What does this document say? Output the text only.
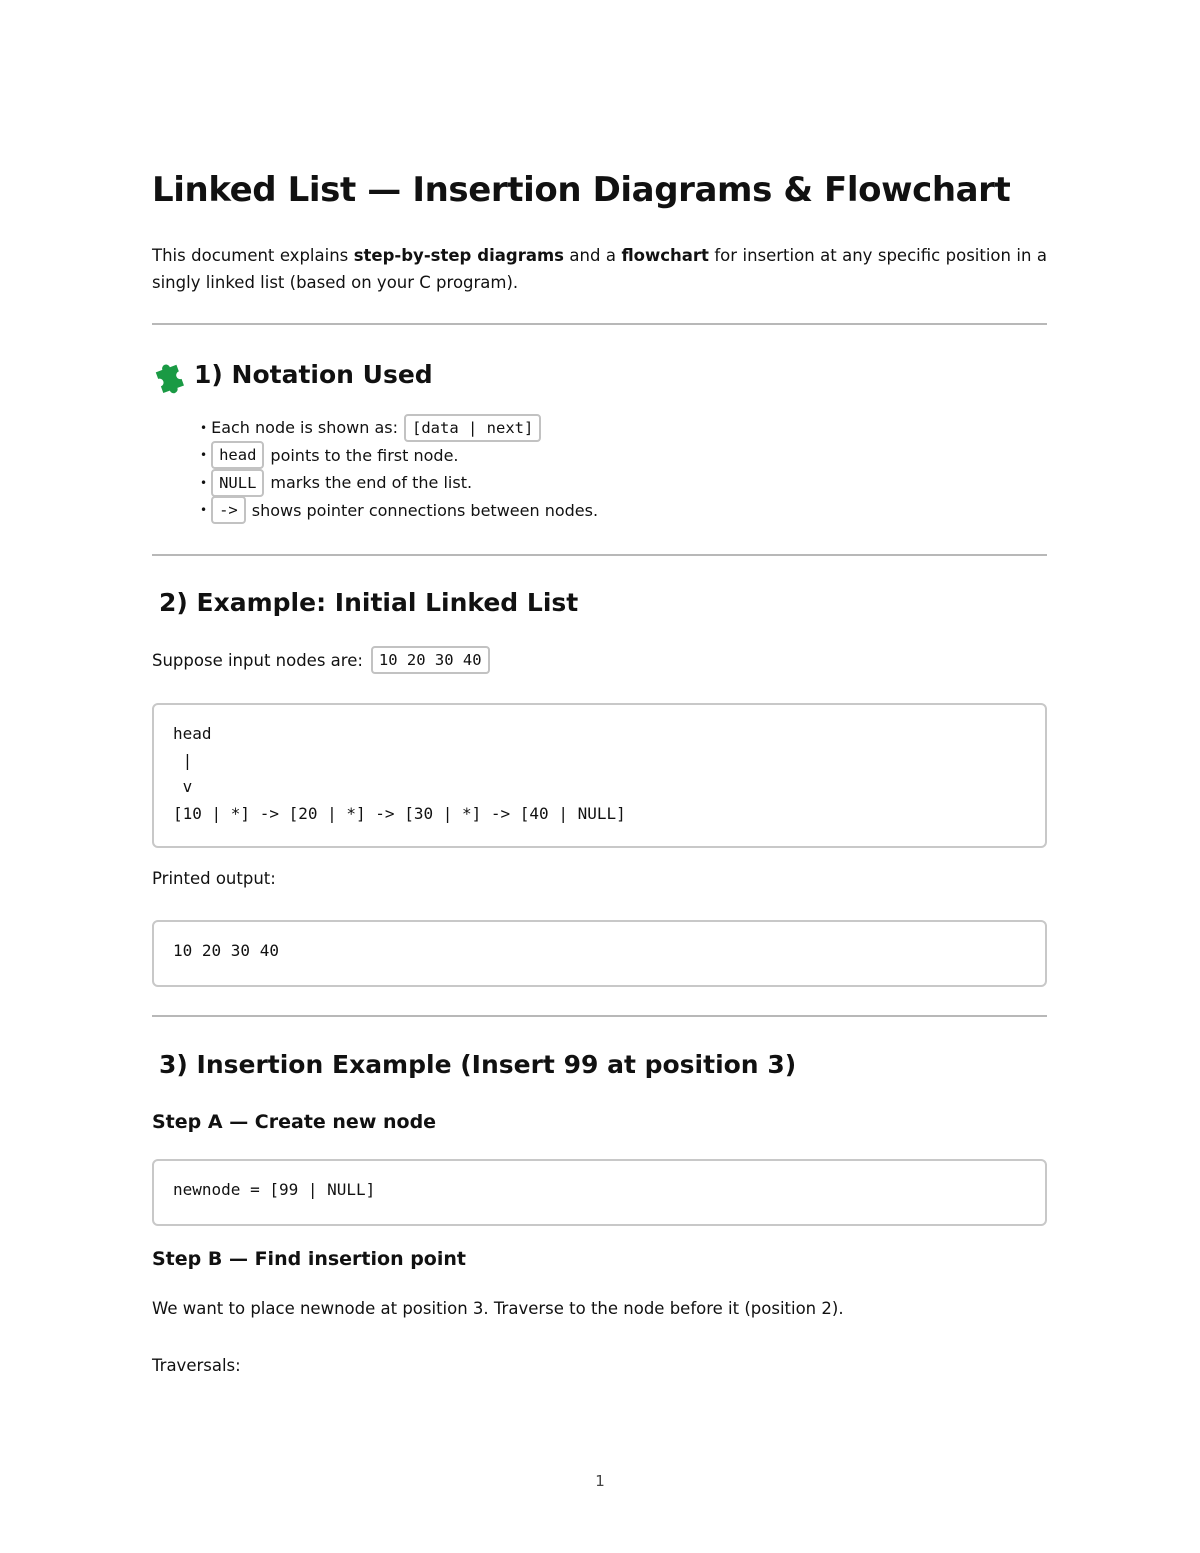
Linked List — Insertion Diagrams & Flowchart

This document explains step-by-step diagrams and a flowchart for insertion at any specific position in a singly linked list (based on your C program).

1) Notation Used
• Each node is shown as: [data | next]
• head points to the first node.
• NULL marks the end of the list.
• -> shows pointer connections between nodes.
2) Example: Initial Linked List
Suppose input nodes are:	10 20 30 40
head
|
v
[10 | *] -> [20 | *] -> [30 | *] -> [40 | NULL]
Printed output:
10 20 30 40
3) Insertion Example (Insert 99 at position 3)
Step A — Create new node
newnode = [99 | NULL]
Step B — Find insertion point
We want to place newnode at position 3. Traverse to the node before it (position 2).
Traversals:
1
